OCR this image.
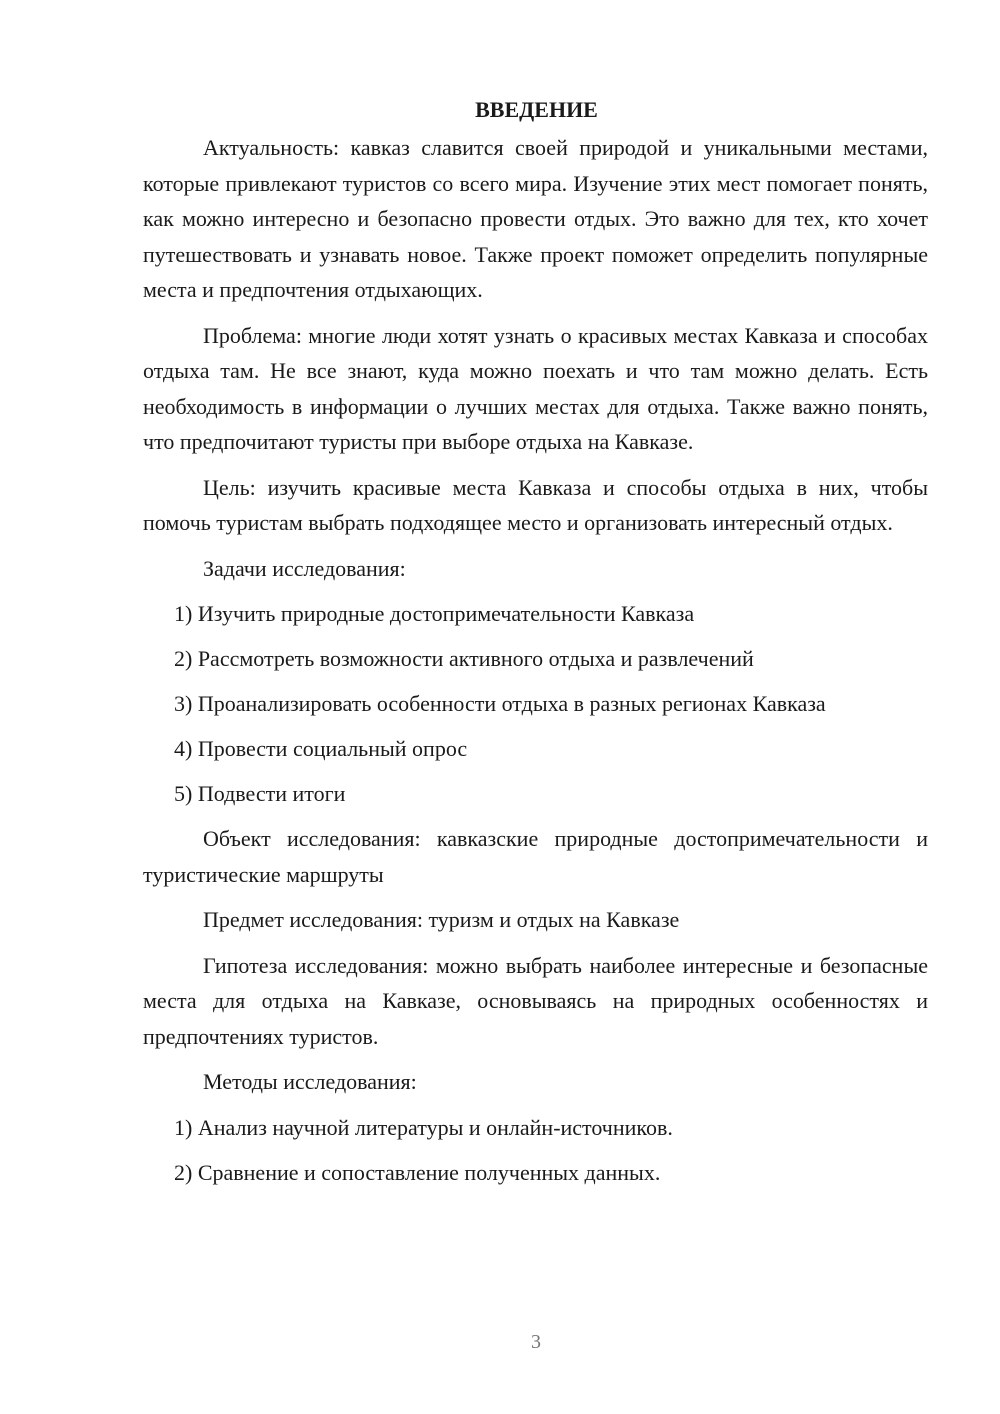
ВВЕДЕНИЕ

Актуальность: кавказ славится своей природой и уникальными местами, которые привлекают туристов со всего мира. Изучение этих мест помогает понять, как можно интересно и безопасно провести отдых. Это важно для тех, кто хочет путешествовать и узнавать новое. Также проект поможет определить популярные места и предпочтения отдыхающих.

Проблема: многие люди хотят узнать о красивых местах Кавказа и способах отдыха там. Не все знают, куда можно поехать и что там можно делать. Есть необходимость в информации о лучших местах для отдыха. Также важно понять, что предпочитают туристы при выборе отдыха на Кавказе.

Цель: изучить красивые места Кавказа и способы отдыха в них, чтобы помочь туристам выбрать подходящее место и организовать интересный отдых.

Задачи исследования:

1) Изучить природные достопримечательности Кавказа
2) Рассмотреть возможности активного отдыха и развлечений
3) Проанализировать особенности отдыха в разных регионах Кавказа
4) Провести социальный опрос
5) Подвести итоги

Объект исследования: кавказские природные достопримечательности и туристические маршруты

Предмет исследования: туризм и отдых на Кавказе

Гипотеза исследования: можно выбрать наиболее интересные и безопасные места для отдыха на Кавказе, основываясь на природных особенностях и предпочтениях туристов.

Методы исследования:

1) Анализ научной литературы и онлайн-источников.
2) Сравнение и сопоставление полученных данных.
3
